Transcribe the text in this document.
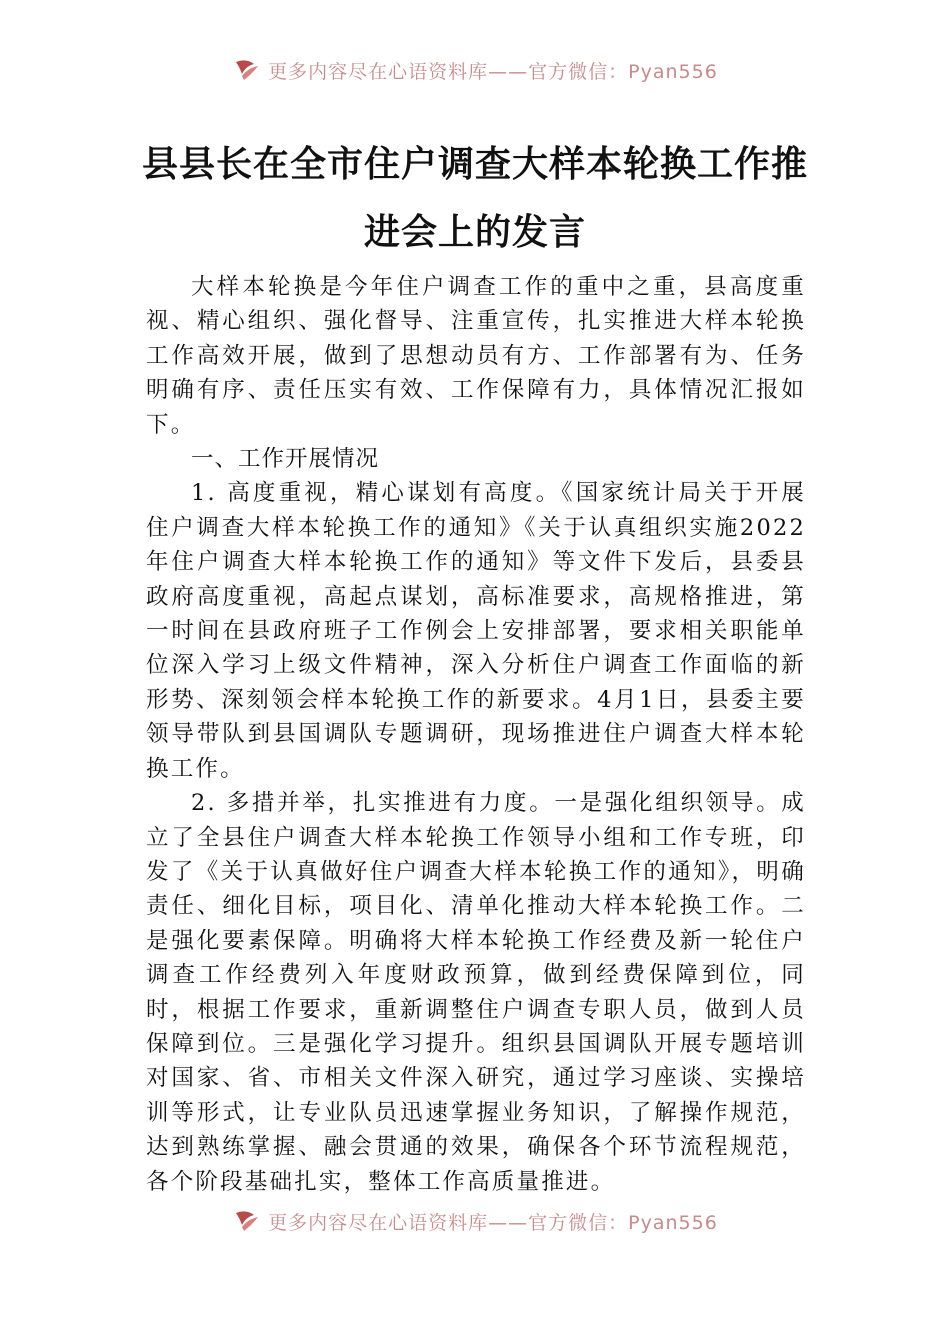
更多内容尽在心语资料库——官方微信：Pyan556
县县长在全市住户调查大样本轮换工作推
进会上的发言

大样本轮换是今年住户调查工作的重中之重，县高度重视、精心组织、强化督导、注重宣传，扎实推进大样本轮换工作高效开展，做到了思想动员有方、工作部署有为、任务明确有序、责任压实有效、工作保障有力，具体情况汇报如下。

一、工作开展情况

1. 高度重视，精心谋划有高度。《国家统计局关于开展住户调查大样本轮换工作的通知》《关于认真组织实施2022年住户调查大样本轮换工作的通知》等文件下发后，县委县政府高度重视，高起点谋划，高标准要求，高规格推进，第一时间在县政府班子工作例会上安排部署，要求相关职能单位深入学习上级文件精神，深入分析住户调查工作面临的新形势、深刻领会样本轮换工作的新要求。4月1日，县委主要领导带队到县国调队专题调研，现场推进住户调查大样本轮换工作。

2. 多措并举，扎实推进有力度。一是强化组织领导。成立了全县住户调查大样本轮换工作领导小组和工作专班，印发了《关于认真做好住户调查大样本轮换工作的通知》，明确责任、细化目标，项目化、清单化推动大样本轮换工作。二是强化要素保障。明确将大样本轮换工作经费及新一轮住户调查工作经费列入年度财政预算，做到经费保障到位，同时，根据工作要求，重新调整住户调查专职人员，做到人员保障到位。三是强化学习提升。组织县国调队开展专题培训对国家、省、市相关文件深入研究，通过学习座谈、实操培训等形式，让专业队员迅速掌握业务知识，了解操作规范，达到熟练掌握、融会贯通的效果，确保各个环节流程规范，各个阶段基础扎实，整体工作高质量推进。

更多内容尽在心语资料库——官方微信：Pyan556
